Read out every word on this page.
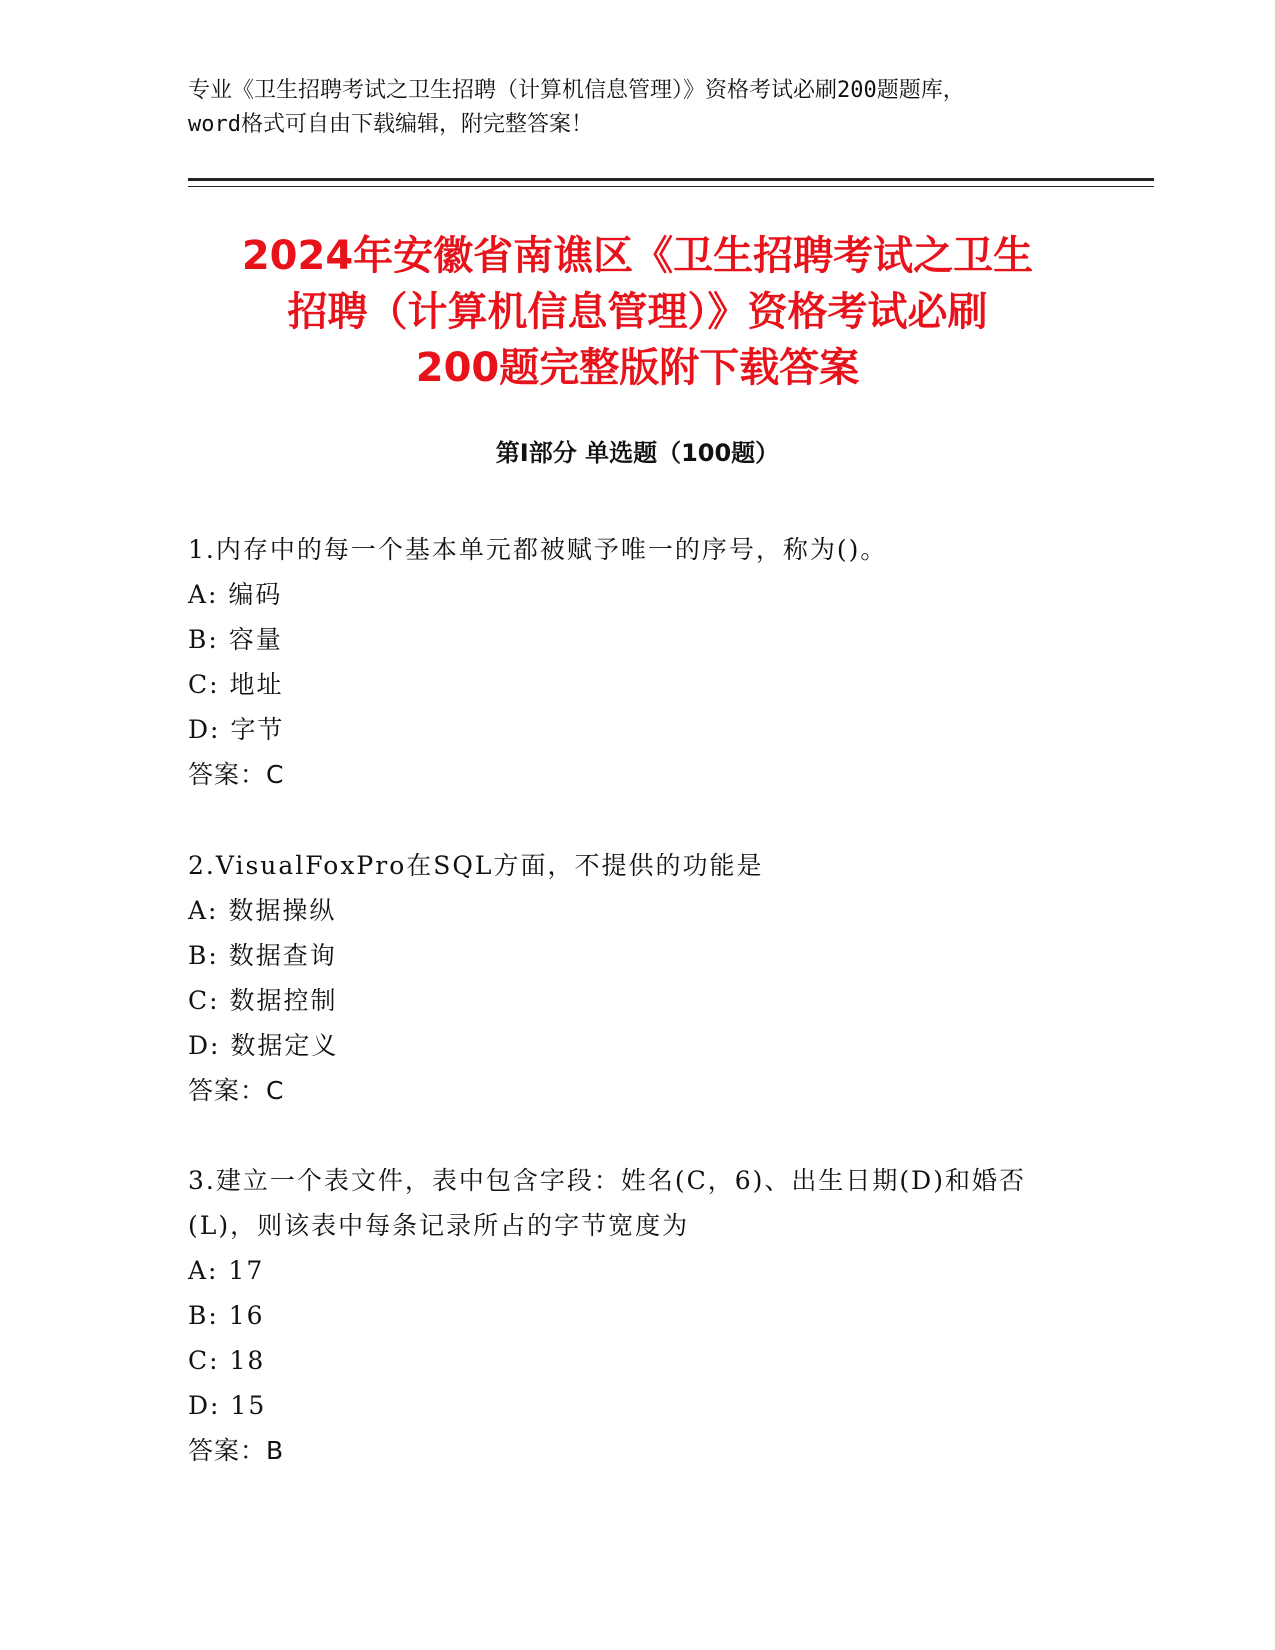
专业《卫生招聘考试之卫生招聘（计算机信息管理）》资格考试必刷200题题库，
word格式可自由下载编辑，附完整答案！
2024年安徽省南谯区《卫生招聘考试之卫生
招聘（计算机信息管理）》资格考试必刷
200题完整版附下载答案
第Ⅰ部分 单选题（100题）
1.内存中的每一个基本单元都被赋予唯一的序号，称为()。
A: 编码
B: 容量
C: 地址
D: 字节
答案：C
2.VisualFoxPro在SQL方面，不提供的功能是
A: 数据操纵
B: 数据查询
C: 数据控制
D: 数据定义
答案：C
3.建立一个表文件，表中包含字段：姓名(C，6)、出生日期(D)和婚否(L)，则该表中每条记录所占的字节宽度为
A: 17
B: 16
C: 18
D: 15
答案：B
